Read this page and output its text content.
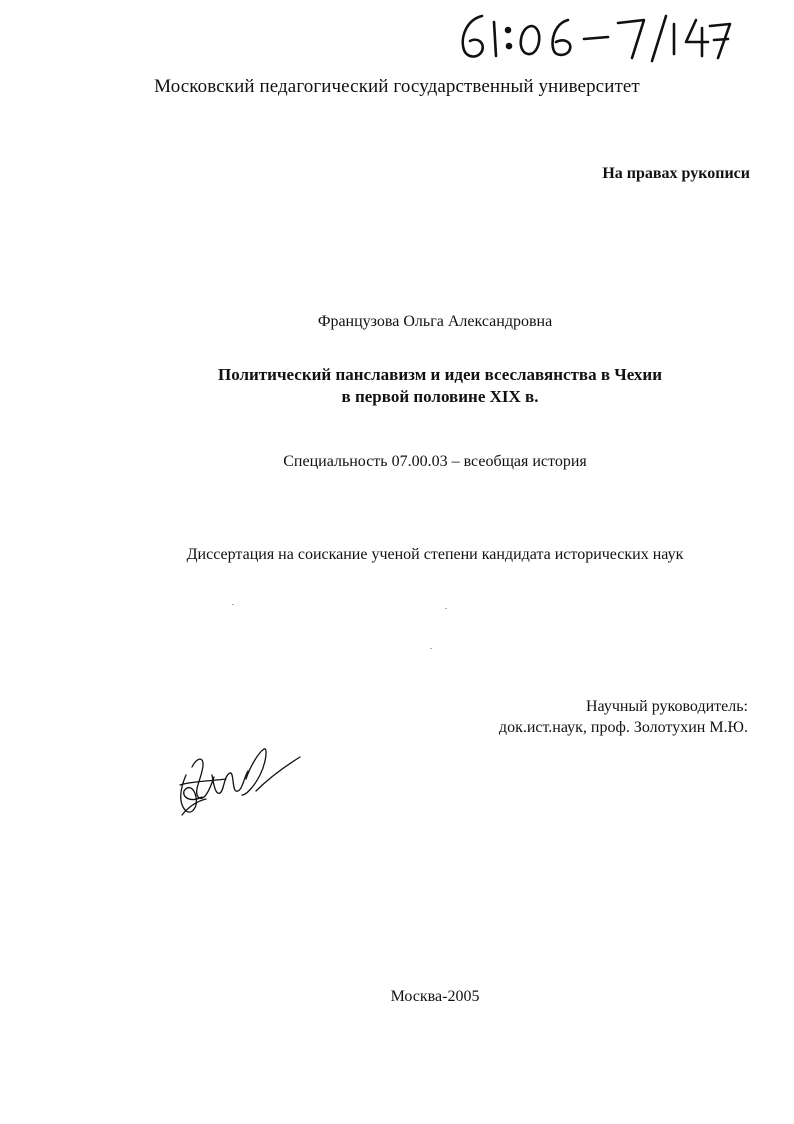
Московский педагогический государственный университет
На правах рукописи
Французова Ольга Александровна
Политический панславизм и идеи всеславянства в Чехии
в первой половине XIX в.
Специальность 07.00.03 – всеобщая история
Диссертация на соискание ученой степени кандидата исторических наук
Научный руководитель:
док.ист.наук, проф. Золотухин М.Ю.
Москва-2005
